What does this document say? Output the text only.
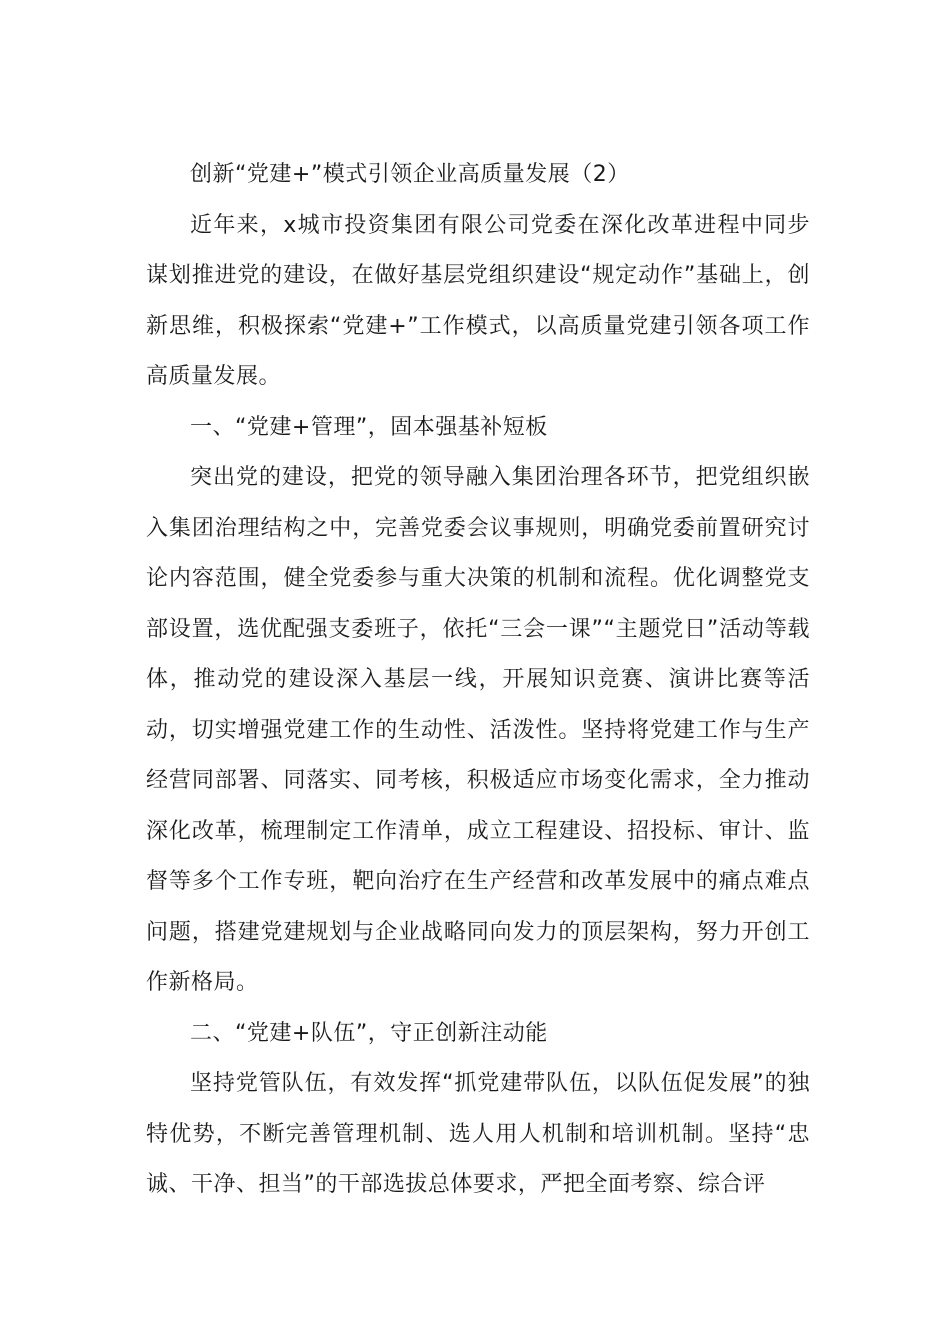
创新“党建+”模式引领企业高质量发展（2）

近年来，x城市投资集团有限公司党委在深化改革进程中同步谋划推进党的建设，在做好基层党组织建设“规定动作”基础上，创新思维，积极探索“党建+”工作模式，以高质量党建引领各项工作高质量发展。

一、“党建+管理”，固本强基补短板

突出党的建设，把党的领导融入集团治理各环节，把党组织嵌入集团治理结构之中，完善党委会议事规则，明确党委前置研究讨论内容范围，健全党委参与重大决策的机制和流程。优化调整党支部设置，选优配强支委班子，依托“三会一课”“主题党日”活动等载体，推动党的建设深入基层一线，开展知识竞赛、演讲比赛等活动，切实增强党建工作的生动性、活泼性。坚持将党建工作与生产经营同部署、同落实、同考核，积极适应市场变化需求，全力推动深化改革，梳理制定工作清单，成立工程建设、招投标、审计、监督等多个工作专班，靶向治疗在生产经营和改革发展中的痛点难点问题，搭建党建规划与企业战略同向发力的顶层架构，努力开创工作新格局。

二、“党建+队伍”，守正创新注动能

坚持党管队伍，有效发挥“抓党建带队伍，以队伍促发展”的独特优势，不断完善管理机制、选人用人机制和培训机制。坚持“忠诚、干净、担当”的干部选拔总体要求，严把全面考察、综合评
